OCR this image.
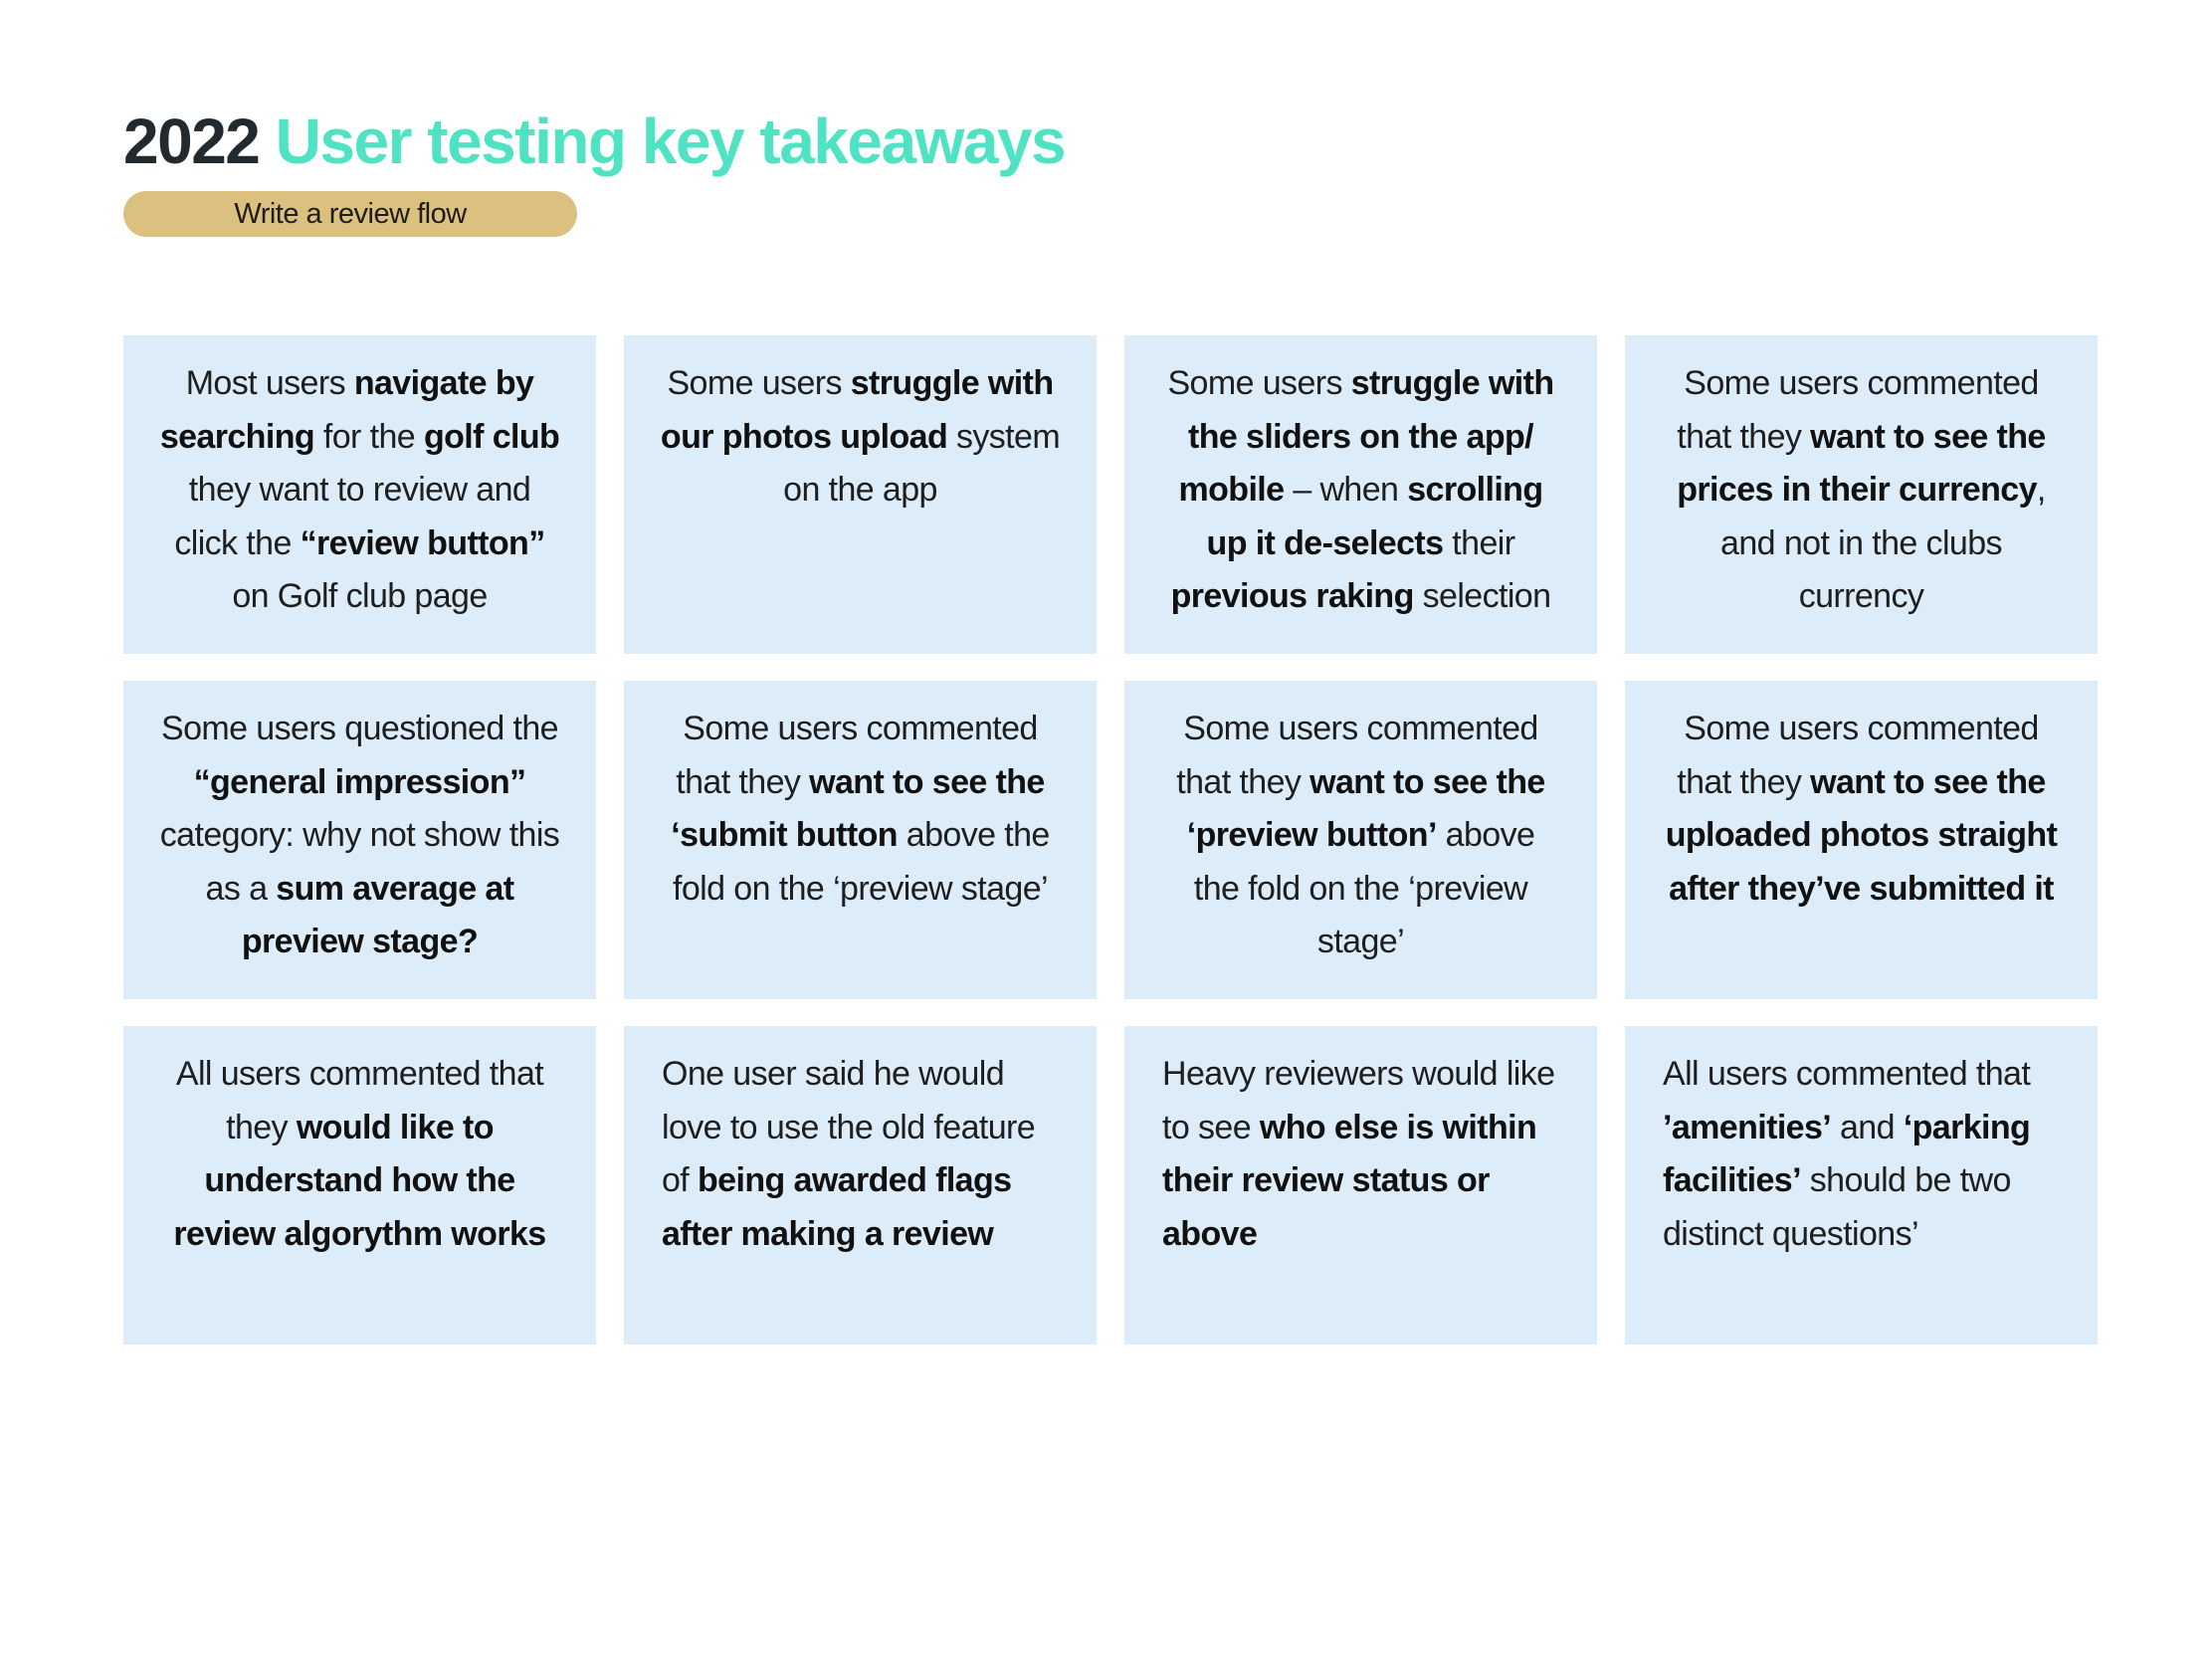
2022 User testing key takeaways
Write a review flow
Most users navigate by searching for the golf club they want to review and click the “review button” on Golf club page
Some users struggle with our photos upload system on the app
Some users struggle with the sliders on the app/ mobile – when scrolling up it de-selects their previous raking selection
Some users commented that they want to see the prices in their currency, and not in the clubs currency
Some users questioned the “general impression” category: why not show this as a sum average at preview stage?
Some users commented that they want to see the ‘submit button above the fold on the ‘preview stage’
Some users commented that they want to see the ‘preview button’ above the fold on the ‘preview stage’
Some users commented that they want to see the uploaded photos straight after they’ve submitted it
All users commented that they would like to understand how the review algorythm works
One user said he would love to use the old feature of being awarded flags after making a review
Heavy reviewers would like to see who else is within their review status or above
All users commented that ’amenities’ and ‘parking facilities’ should be two distinct questions’
